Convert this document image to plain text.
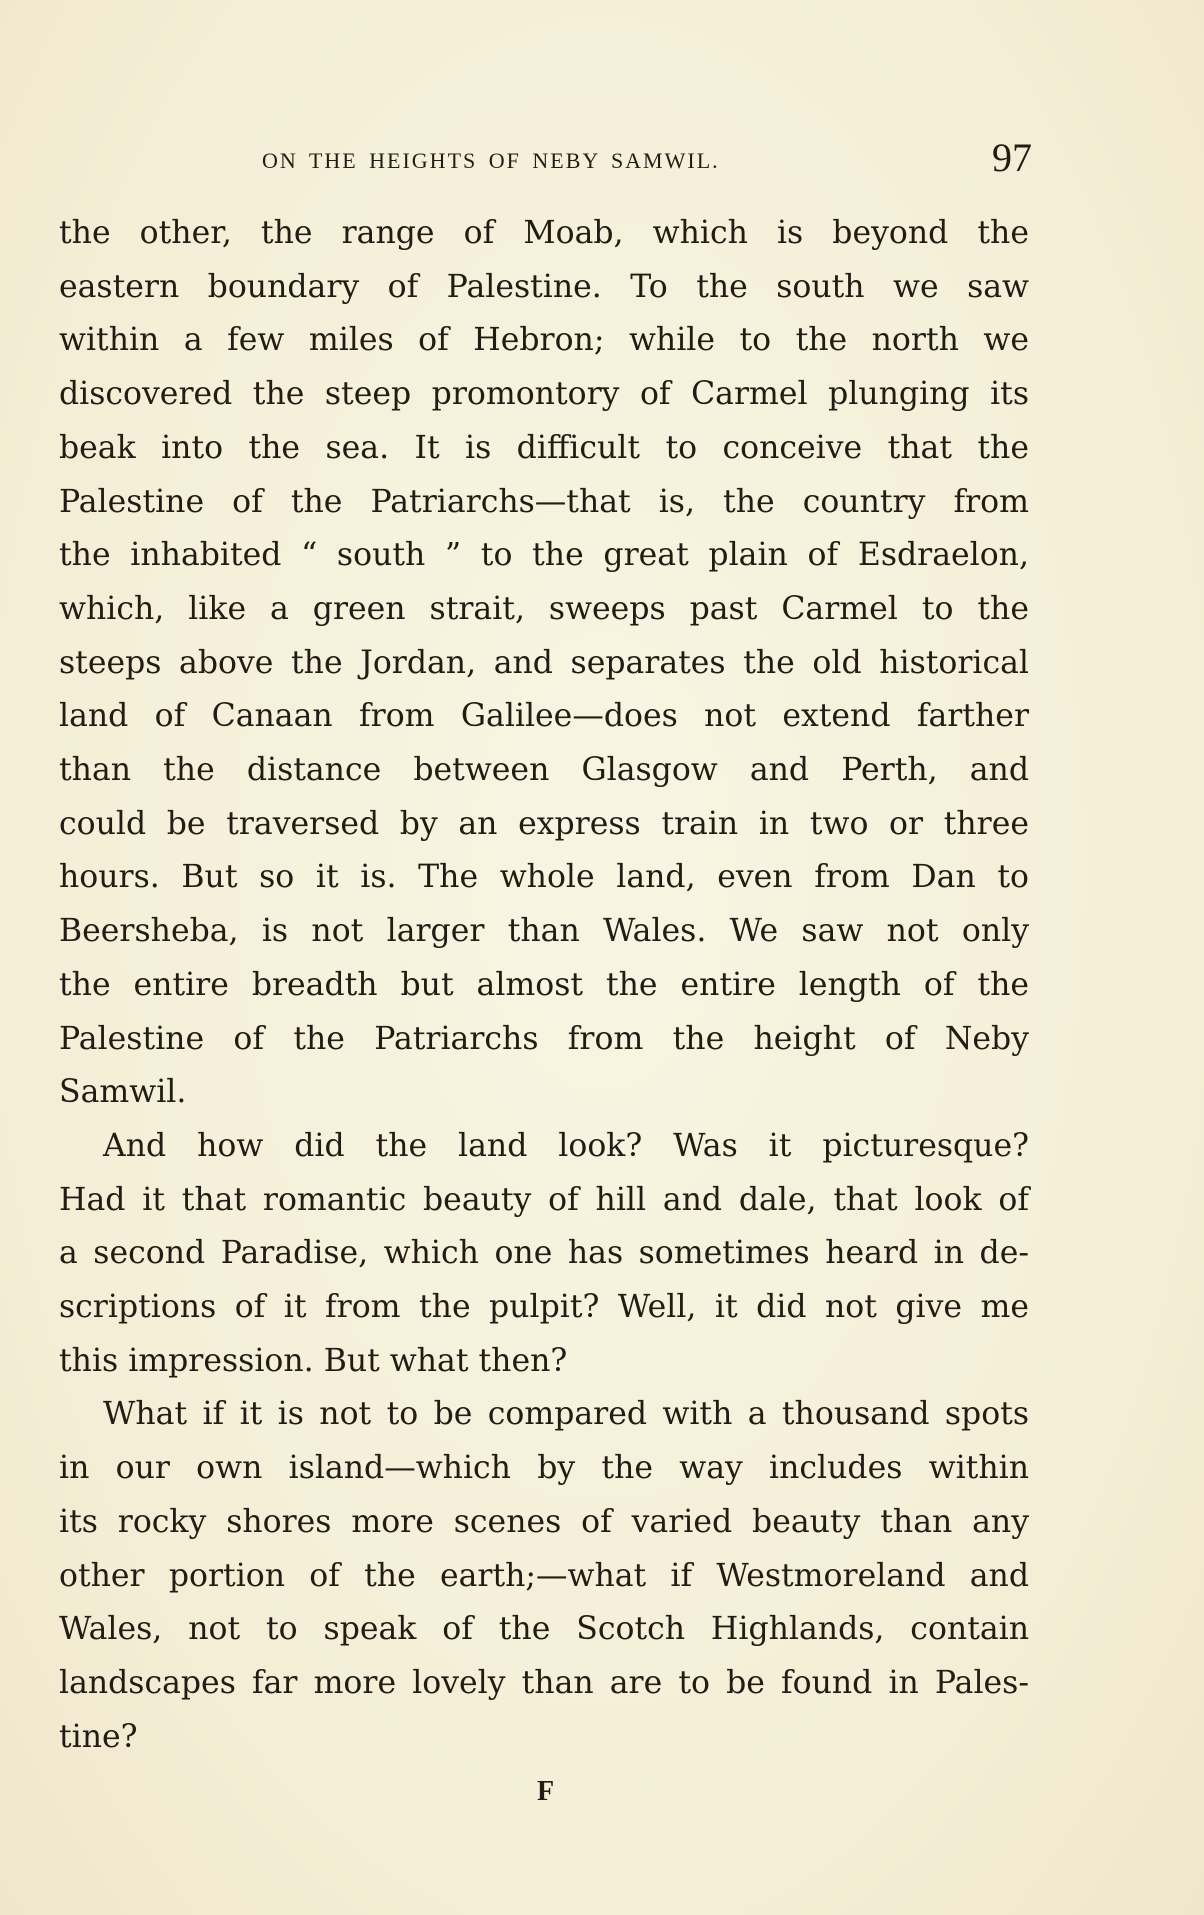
ON THE HEIGHTS OF NEBY SAMWIL.	97

the other, the range of Moab, which is beyond the

eastern boundary of Palestine. To the south we saw

within a few miles of Hebron; while to the north we

discovered the steep promontory of Carmel plunging its

beak into the sea. It is difficult to conceive that the

Palestine of the Patriarchs—that is, the country from

the inhabited “ south ” to the great plain of Esdraelon,

which, like a green strait, sweeps past Carmel to the

steeps above the Jordan, and separates the old historical

land of Canaan from Galilee—does not extend farther

than the distance between Glasgow and Perth, and

could be traversed by an express train in two or three

hours. But so it is. The whole land, even from Dan to

Beersheba, is not larger than Wales. We saw not only

the entire breadth but almost the entire length of the

Palestine of the Patriarchs from the height of Neby

Samwil.

And how did the land look? Was it picturesque?

Had it that romantic beauty of hill and dale, that look of

a second Paradise, which one has sometimes heard in de-

scriptions of it from the pulpit? Well, it did not give me

this impression. But what then?

What if it is not to be compared with a thousand spots

in our own island—which by the way includes within

its rocky shores more scenes of varied beauty than any

other portion of the earth;—what if Westmoreland and

Wales, not to speak of the Scotch Highlands, contain

landscapes far more lovely than are to be found in Pales-

tine?

F
